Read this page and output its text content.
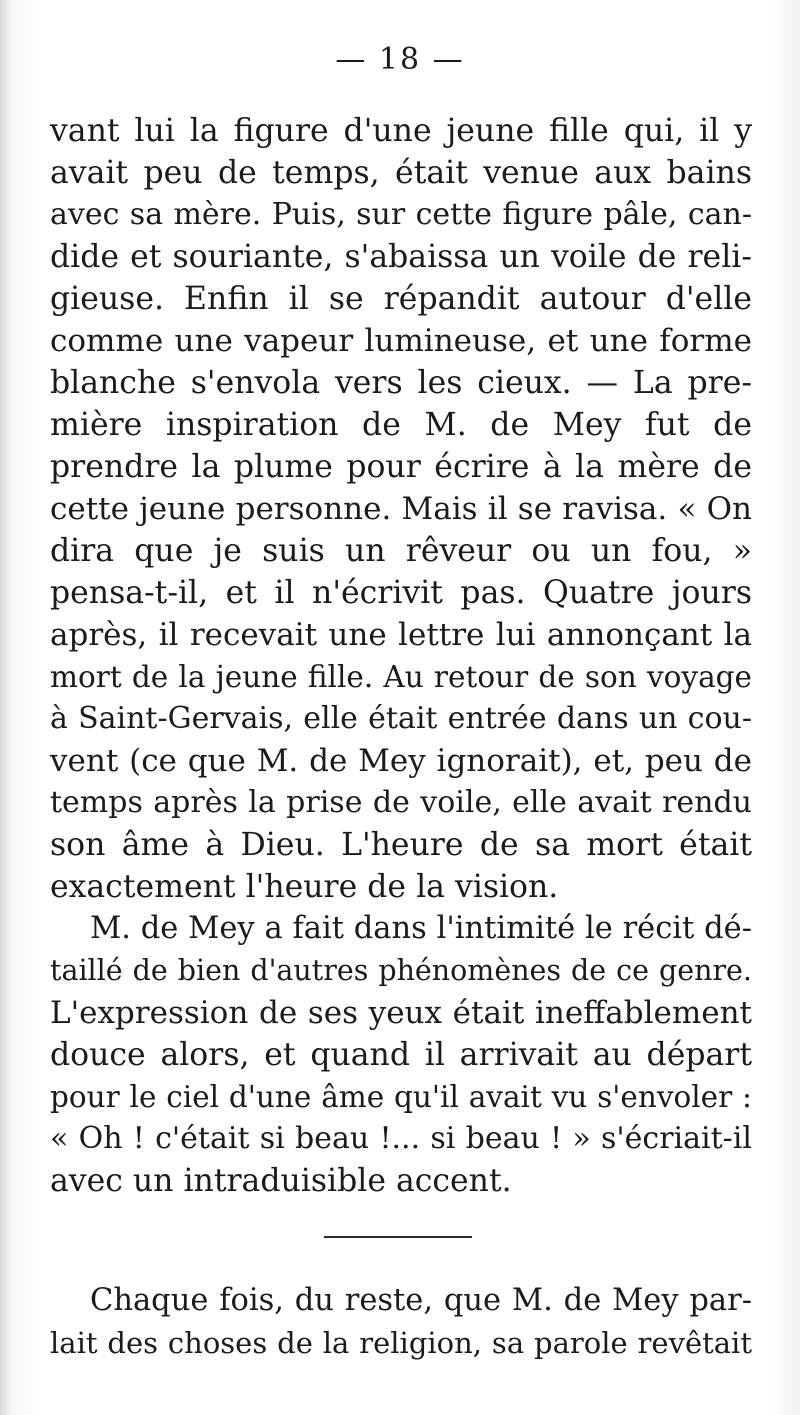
— 18 —
vant lui la figure d'une jeune fille qui, il y
avait peu de temps, était venue aux bains
avec sa mère. Puis, sur cette figure pâle, can-
dide et souriante, s'abaissa un voile de reli-
gieuse. Enfin il se répandit autour d'elle
comme une vapeur lumineuse, et une forme
blanche s'envola vers les cieux. — La pre-
mière inspiration de M. de Mey fut de
prendre la plume pour écrire à la mère de
cette jeune personne. Mais il se ravisa. « On
dira que je suis un rêveur ou un fou, »
pensa-t-il, et il n'écrivit pas. Quatre jours
après, il recevait une lettre lui annonçant la
mort de la jeune fille. Au retour de son voyage
à Saint-Gervais, elle était entrée dans un cou-
vent (ce que M. de Mey ignorait), et, peu de
temps après la prise de voile, elle avait rendu
son âme à Dieu. L'heure de sa mort était
exactement l'heure de la vision.
M. de Mey a fait dans l'intimité le récit dé-
taillé de bien d'autres phénomènes de ce genre.
L'expression de ses yeux était ineffablement
douce alors, et quand il arrivait au départ
pour le ciel d'une âme qu'il avait vu s'envoler :
« Oh ! c'était si beau !... si beau ! » s'écriait-il
avec un intraduisible accent.
Chaque fois, du reste, que M. de Mey par-
lait des choses de la religion, sa parole revêtait
